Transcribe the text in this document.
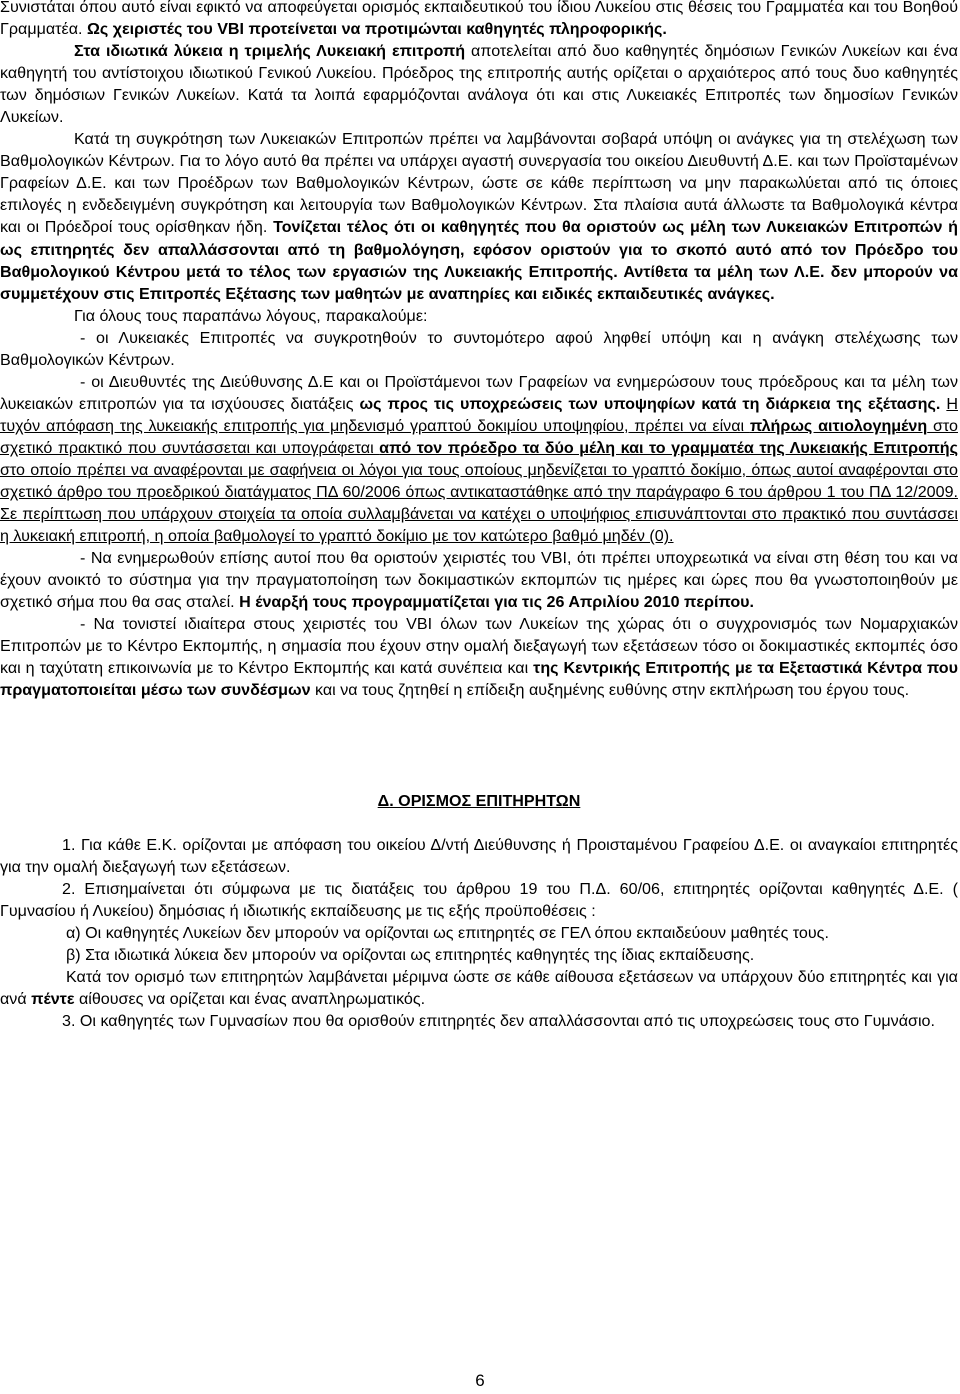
Συνιστάται όπου αυτό είναι εφικτό να αποφεύγεται ορισμός εκπαιδευτικού του ίδιου Λυκείου στις θέσεις του Γραμματέα και του Βοηθού Γραμματέα. Ως χειριστές του VBI προτείνεται να προτιμώνται καθηγητές πληροφορικής.

Στα ιδιωτικά λύκεια η τριμελής Λυκειακή επιτροπή αποτελείται από δυο καθηγητές δημόσιων Γενικών Λυκείων και ένα καθηγητή του αντίστοιχου ιδιωτικού Γενικού Λυκείου. Πρόεδρος της επιτροπής αυτής ορίζεται ο αρχαιότερος από τους δυο καθηγητές των δημόσιων Γενικών Λυκείων. Κατά τα λοιπά εφαρμόζονται ανάλογα ότι και στις Λυκειακές Επιτροπές των δημοσίων Γενικών Λυκείων.

Κατά τη συγκρότηση των Λυκειακών Επιτροπών πρέπει να λαμβάνονται σοβαρά υπόψη οι ανάγκες για τη στελέχωση των Βαθμολογικών Κέντρων. Για το λόγο αυτό θα πρέπει να υπάρχει αγαστή συνεργασία του οικείου Διευθυντή Δ.Ε. και των Προϊσταμένων Γραφείων Δ.Ε. και των Προέδρων των Βαθμολογικών Κέντρων, ώστε σε κάθε περίπτωση να μην παρακωλύεται από τις όποιες επιλογές η ενδεδειγμένη συγκρότηση και λειτουργία των Βαθμολογικών Κέντρων. Στα πλαίσια αυτά άλλωστε τα Βαθμολογικά κέντρα και οι Πρόεδροί τους ορίσθηκαν ήδη. Τονίζεται τέλος ότι οι καθηγητές που θα οριστούν ως μέλη των Λυκειακών Επιτροπών ή ως επιτηρητές δεν απαλλάσσονται από τη βαθμολόγηση, εφόσον οριστούν για το σκοπό αυτό από τον Πρόεδρο του Βαθμολογικού Κέντρου μετά το τέλος των εργασιών της Λυκειακής Επιτροπής. Αντίθετα τα μέλη των Λ.Ε. δεν μπορούν να συμμετέχουν στις Επιτροπές Εξέτασης των μαθητών με αναπηρίες και ειδικές εκπαιδευτικές ανάγκες.

Για όλους τους παραπάνω λόγους, παρακαλούμε:

- οι Λυκειακές Επιτροπές να συγκροτηθούν το συντομότερο αφού ληφθεί υπόψη και η ανάγκη στελέχωσης των Βαθμολογικών Κέντρων.

- οι Διευθυντές της Διεύθυνσης Δ.Ε και οι Προϊστάμενοι των Γραφείων να ενημερώσουν τους πρόεδρους και τα μέλη των λυκειακών επιτροπών για τα ισχύουσες διατάξεις ως προς τις υποχρεώσεις των υποψηφίων κατά τη διάρκεια της εξέτασης. Η τυχόν απόφαση της λυκειακής επιτροπής για μηδενισμό γραπτού δοκιμίου υποψηφίου, πρέπει να είναι πλήρως αιτιολογημένη στο σχετικό πρακτικό που συντάσσεται και υπογράφεται από τον πρόεδρο τα δύο μέλη και το γραμματέα της Λυκειακής Επιτροπής στο οποίο πρέπει να αναφέρονται με σαφήνεια οι λόγοι για τους οποίους μηδενίζεται το γραπτό δοκίμιο, όπως αυτοί αναφέρονται στο σχετικό άρθρο του προεδρικού διατάγματος ΠΔ 60/2006 όπως αντικαταστάθηκε από την παράγραφο 6 του άρθρου 1 του ΠΔ 12/2009. Σε περίπτωση που υπάρχουν στοιχεία τα οποία συλλαμβάνεται να κατέχει ο υποψήφιος επισυνάπτονται στο πρακτικό που συντάσσει η λυκειακή επιτροπή, η οποία βαθμολογεί το γραπτό δοκίμιο με τον κατώτερο βαθμό μηδέν (0).

- Να ενημερωθούν επίσης αυτοί που θα οριστούν χειριστές του VBI, ότι πρέπει υποχρεωτικά να είναι στη θέση του και να έχουν ανοικτό το σύστημα για την πραγματοποίηση των δοκιμαστικών εκπομπών τις ημέρες και ώρες που θα γνωστοποιηθούν με σχετικό σήμα που θα σας σταλεί. Η έναρξή τους προγραμματίζεται για τις 26 Απριλίου 2010 περίπου.

- Να τονιστεί ιδιαίτερα στους χειριστές του VBI όλων των Λυκείων της χώρας ότι ο συγχρονισμός των Νομαρχιακών Επιτροπών με το Κέντρο Εκπομπής, η σημασία που έχουν στην ομαλή διεξαγωγή των εξετάσεων τόσο οι δοκιμαστικές εκπομπές όσο και η ταχύτατη επικοινωνία με το Κέντρο Εκπομπής και κατά συνέπεια και της Κεντρικής Επιτροπής με τα Εξεταστικά Κέντρα που πραγματοποιείται μέσω των συνδέσμων και να τους ζητηθεί η επίδειξη αυξημένης ευθύνης στην εκπλήρωση του έργου τους.

Δ. ΟΡΙΣΜΟΣ ΕΠΙΤΗΡΗΤΩΝ

1. Για κάθε Ε.Κ. ορίζονται με απόφαση του οικείου Δ/ντή Διεύθυνσης ή Προισταμένου Γραφείου Δ.Ε. οι αναγκαίοι επιτηρητές για την ομαλή διεξαγωγή των εξετάσεων.

2. Επισημαίνεται ότι σύμφωνα με τις διατάξεις του άρθρου 19 του Π.Δ. 60/06, επιτηρητές ορίζονται καθηγητές Δ.Ε. ( Γυμνασίου ή Λυκείου) δημόσιας ή ιδιωτικής εκπαίδευσης με τις εξής προϋποθέσεις :

α) Οι καθηγητές Λυκείων δεν μπορούν να ορίζονται ως επιτηρητές σε ΓΕΛ όπου εκπαιδεύουν μαθητές τους.

β) Στα ιδιωτικά λύκεια δεν μπορούν να ορίζονται ως επιτηρητές καθηγητές της ίδιας εκπαίδευσης.

Κατά τον ορισμό των επιτηρητών λαμβάνεται μέριμνα ώστε σε κάθε αίθουσα εξετάσεων να υπάρχουν δύο επιτηρητές και για ανά πέντε αίθουσες να ορίζεται και ένας αναπληρωματικός.

3. Οι καθηγητές των Γυμνασίων που θα ορισθούν επιτηρητές δεν απαλλάσσονται από τις υποχρεώσεις τους στο Γυμνάσιο.

6
